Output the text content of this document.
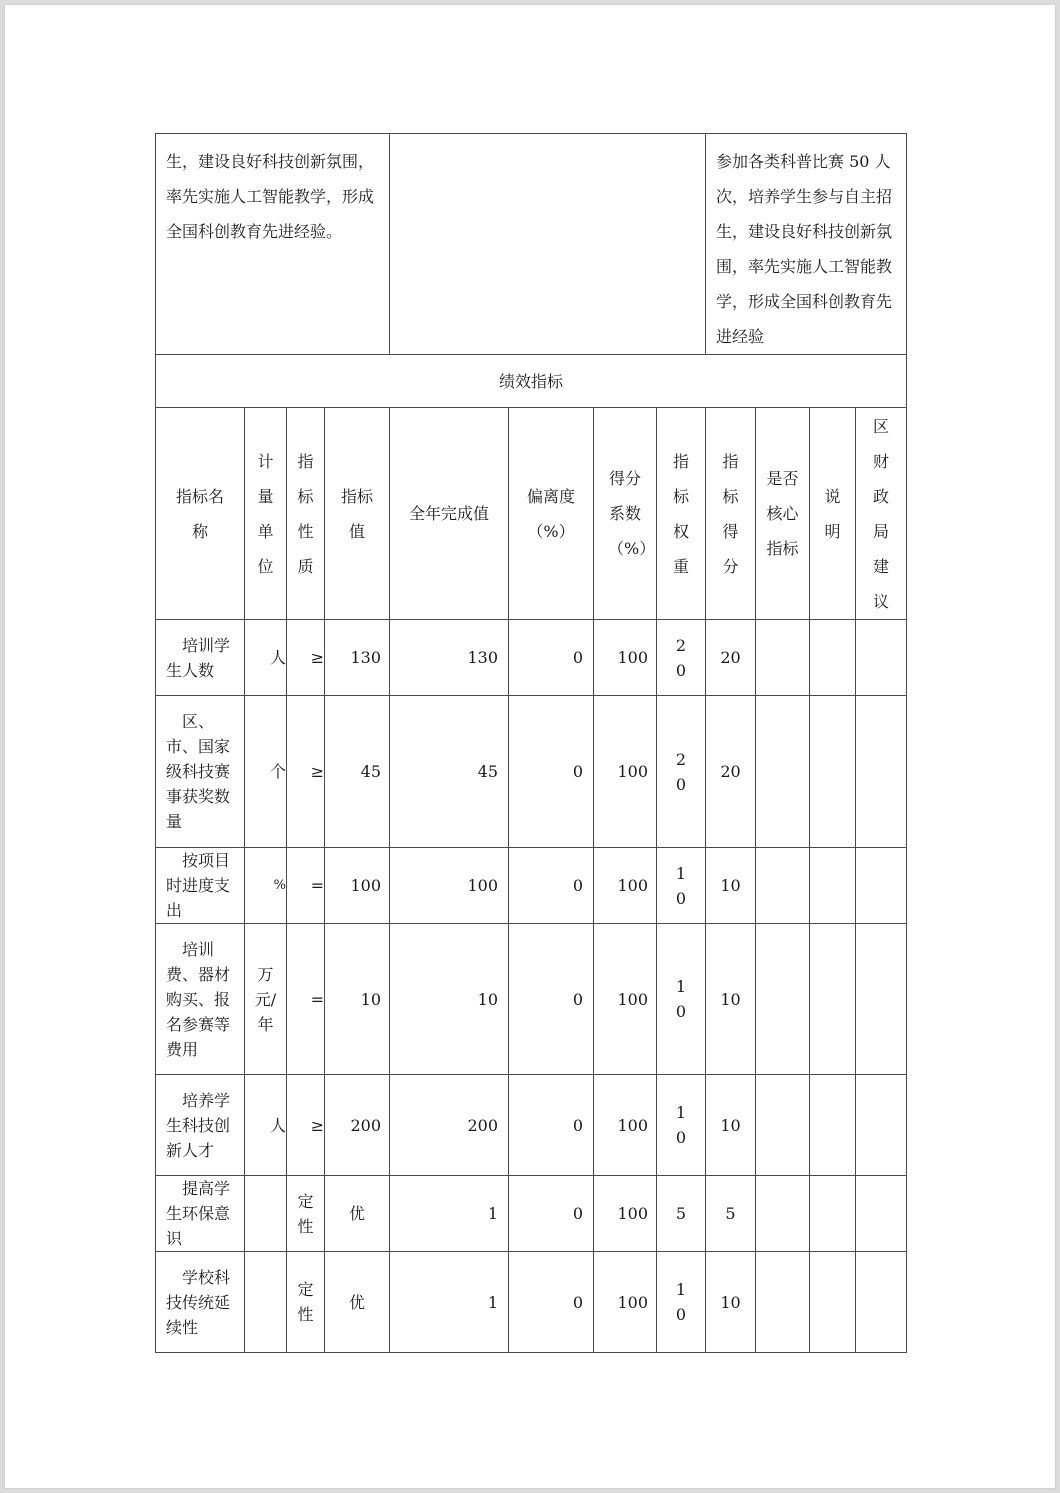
生，建设良好科技创新氛围，率先实施人工智能教学，形成全国科创教育先进经验。								参加各类科普比赛 50 人次，培养学生参与自主招生，建设良好科技创新氛围，率先实施人工智能教学，形成全国科创教育先进经验			
绩效指标											
指标名称	计量单位	指标性质	指标值	全年完成值	偏离度（%）	得分系数（%）	指标权重	指标得分	是否核心指标	说明	区财政局建议

培训学生人数	人	≥	130	130	0	100	20	20			

区、市、国家级科技赛事获奖数量	个	≥	45	45	0	100	20	20			

按项目时进度支出	%	=	100	100	0	100	10	10			

培训费、器材购买、报名参赛等费用	万元/年	=	10	10	0	100	10	10			

培养学生科技创新人才	人	≥	200	200	0	100	10	10			

提高学生环保意识		定性	优	1	0	100	5	5			

学校科技传统延续性		定性	优	1	0	100	10	10			
